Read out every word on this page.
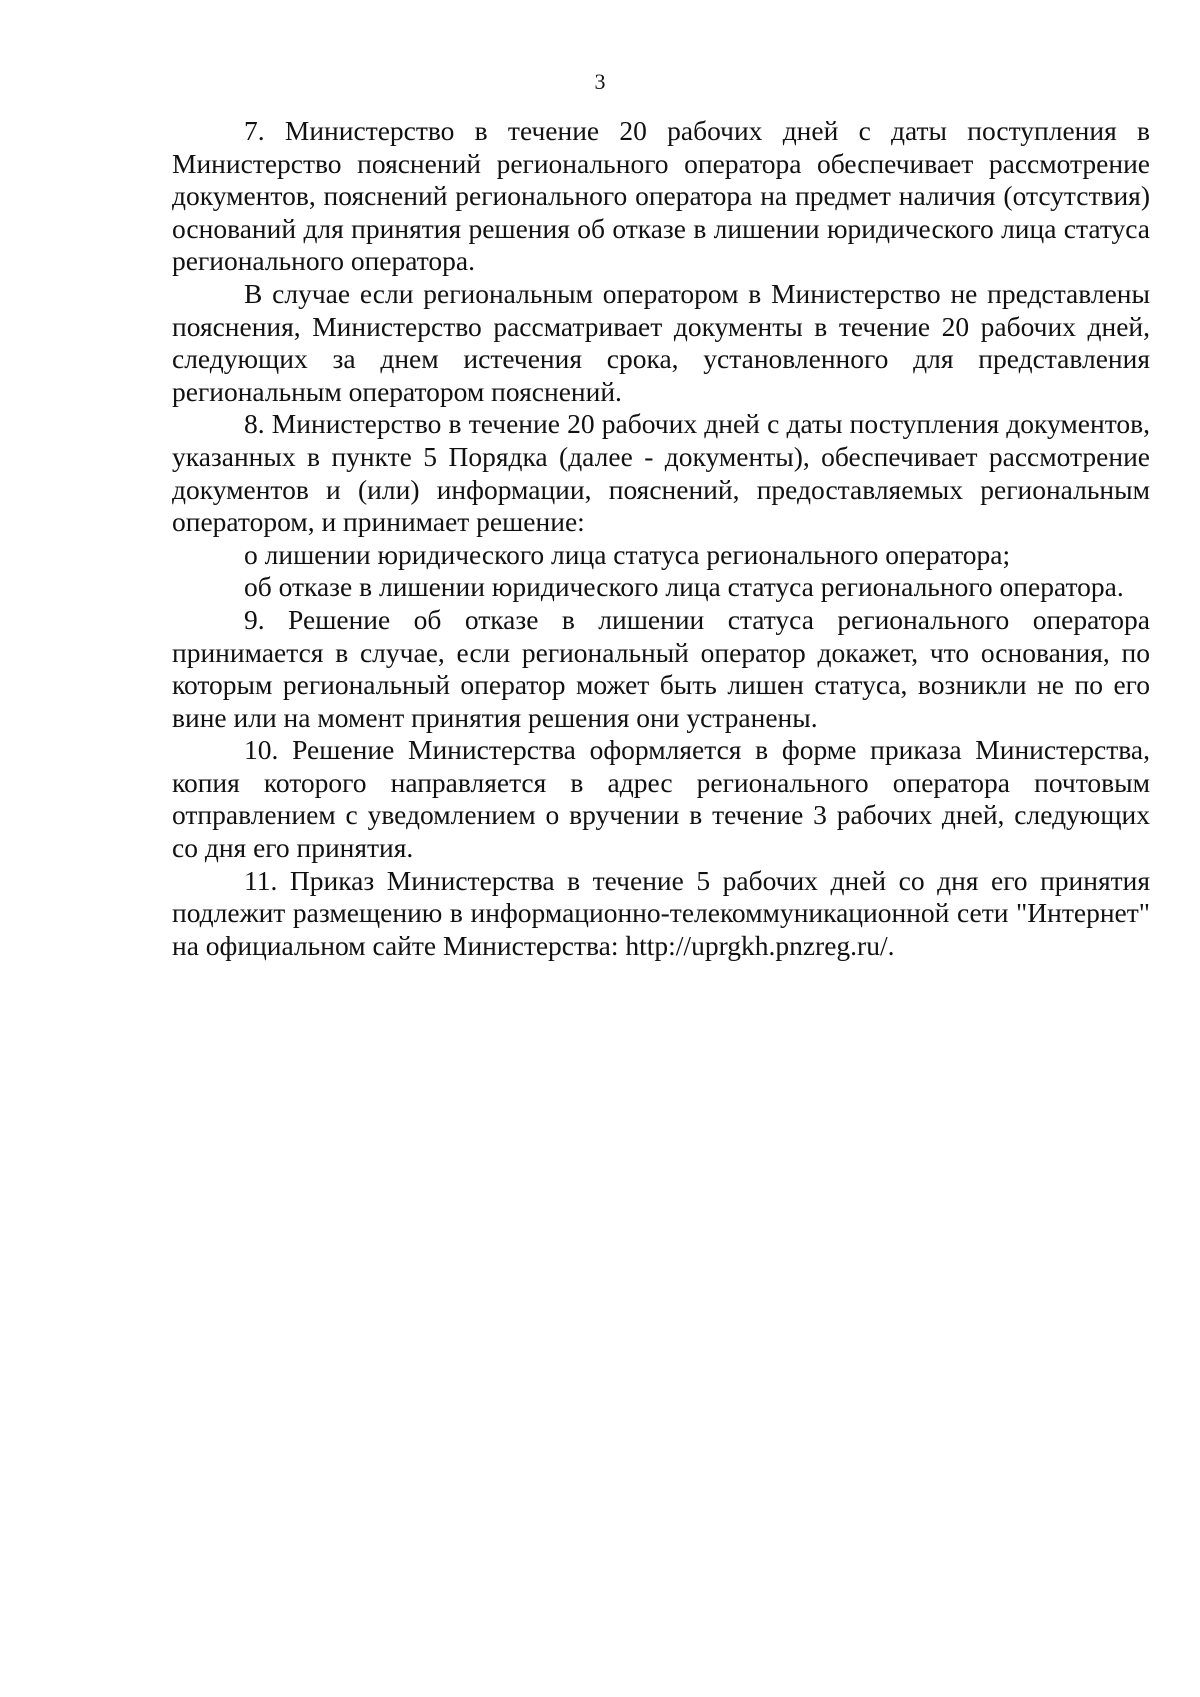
3

7. Министерство в течение 20 рабочих дней с даты поступления в Министерство пояснений регионального оператора обеспечивает рассмотрение документов, пояснений регионального оператора на предмет наличия (отсутствия) оснований для принятия решения об отказе в лишении юридического лица статуса регионального оператора.

В случае если региональным оператором в Министерство не представлены пояснения, Министерство рассматривает документы в течение 20 рабочих дней, следующих за днем истечения срока, установленного для представления региональным оператором пояснений.

8. Министерство в течение 20 рабочих дней с даты поступления документов, указанных в пункте 5 Порядка (далее - документы), обеспечивает рассмотрение документов и (или) информации, пояснений, предоставляемых региональным оператором, и принимает решение:

о лишении юридического лица статуса регионального оператора;

об отказе в лишении юридического лица статуса регионального оператора.

9. Решение об отказе в лишении статуса регионального оператора принимается в случае, если региональный оператор докажет, что основания, по которым региональный оператор может быть лишен статуса, возникли не по его вине или на момент принятия решения они устранены.

10. Решение Министерства оформляется в форме приказа Министерства, копия которого направляется в адрес регионального оператора почтовым отправлением с уведомлением о вручении в течение 3 рабочих дней, следующих со дня его принятия.

11. Приказ Министерства в течение 5 рабочих дней со дня его принятия подлежит размещению в информационно-телекоммуникационной сети "Интернет" на официальном сайте Министерства: http://uprgkh.pnzreg.ru/.
